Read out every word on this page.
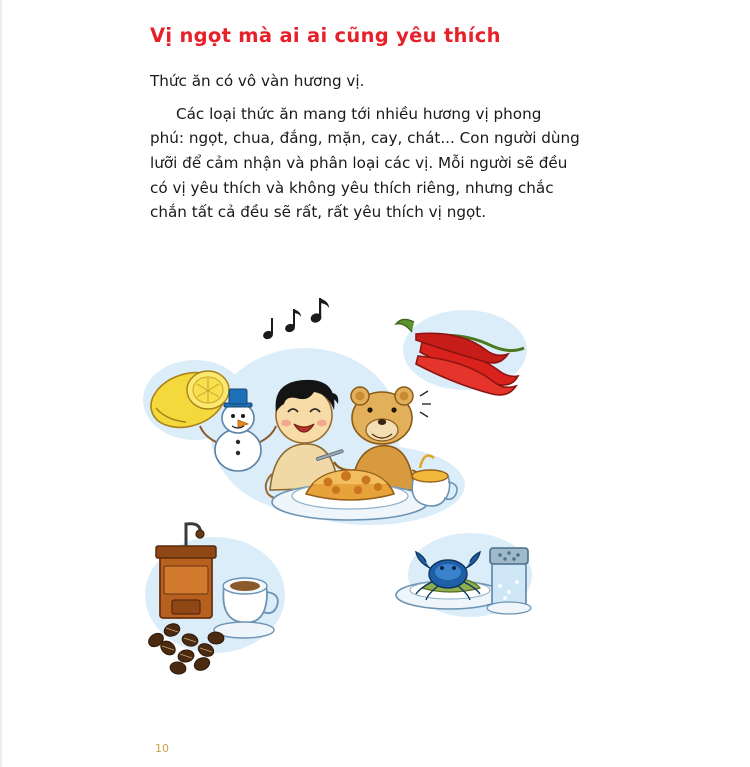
Vị ngọt mà ai ai cũng yêu thích

Thức ăn có vô vàn hương vị.

Các loại thức ăn mang tới nhiều hương vị phong phú: ngọt, chua, đắng, mặn, cay, chát... Con người dùng lưỡi để cảm nhận và phân loại các vị. Mỗi người sẽ đều có vị yêu thích và không yêu thích riêng, nhưng chắc chắn tất cả đều sẽ rất, rất yêu thích vị ngọt.

10
